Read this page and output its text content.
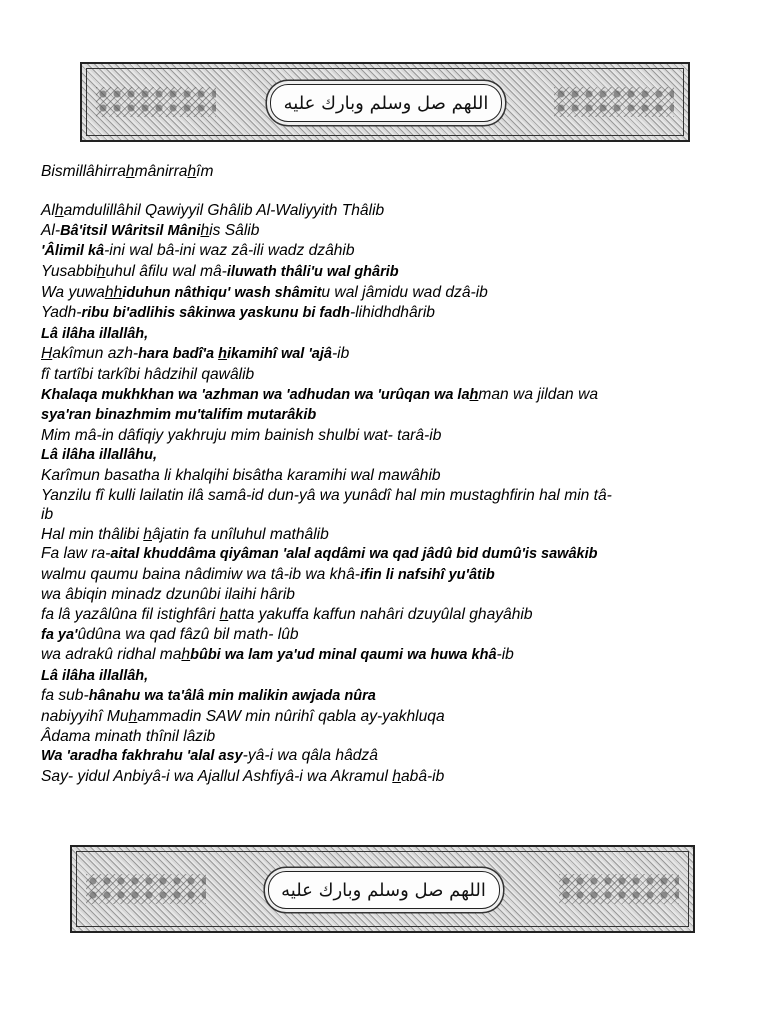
اللهم صل وسلم وبارك عليه
Bismillâhirrahmânirrahîm
Alhamdulillâhil Qawiyyil Ghâlib Al-Waliyyith Thâlib
Al-Bâ'itsil Wâritsil Mânihis Sâlib
'Âlimil kâ-ini wal bâ-ini waz zâ-ili wadz dzâhib
Yusabbihuhul âfilu wal mâ-iluwath thâli'u wal ghârib
Wa yuwahhiduhun nâthiqu' wash shâmitu wal jâmidu wad dzâ-ib
Yadh-ribu bi'adlihis sâkinwa yaskunu bi fadh-lihidhdhârib
Lâ ilâha illallâh,
Hakîmun azh-hara badî'a hikamihî wal 'ajâ-ib
fî tartîbi tarkîbi hâdzihil qawâlib
Khalaqa mukhkhan wa 'azhman wa 'adhudan wa 'urûqan wa lahman wa jildan wa
sya'ran binazhmim mu'talifim mutarâkib
Mim mâ-in dâfiqiy yakhruju mim bainish shulbi wat- tarâ-ib
Lâ ilâha illallâhu,
Karîmun basatha li khalqihi bisâtha karamihi wal mawâhib
Yanzilu fî kulli lailatin ilâ samâ-id dun-yâ wa yunâdî hal min mustaghfirin hal min tâ-
ib
Hal min thâlibi hâjatin fa unîluhul mathâlib
Fa law ra-aital khuddâma qiyâman 'alal aqdâmi wa qad jâdû bid dumû'is sawâkib
walmu qaumu baina nâdimiw wa tâ-ib wa khâ-ifin li nafsihî yu'âtib
wa âbiqin minadz dzunûbi ilaihi hârib
fa lâ yazâlûna fil istighfâri hatta yakuffa kaffun nahâri dzuyûlal ghayâhib
fa ya'ûdûna wa qad fâzû bil math- lûb
wa adrakû ridhal mahbûbi wa lam ya'ud minal qaumi wa huwa khâ-ib
Lâ ilâha illallâh,
fa sub-hânahu wa ta'âlâ min malikin awjada nûra
nabiyyihî Muhammadin SAW min nûrihî qabla ay-yakhluqa
Âdama minath thînil lâzib
Wa 'aradha fakhrahu 'alal asy-yâ-i wa qâla hâdzâ
Say- yidul Anbiyâ-i wa Ajallul Ashfiyâ-i wa Akramul habâ-ib
اللهم صل وسلم وبارك عليه
